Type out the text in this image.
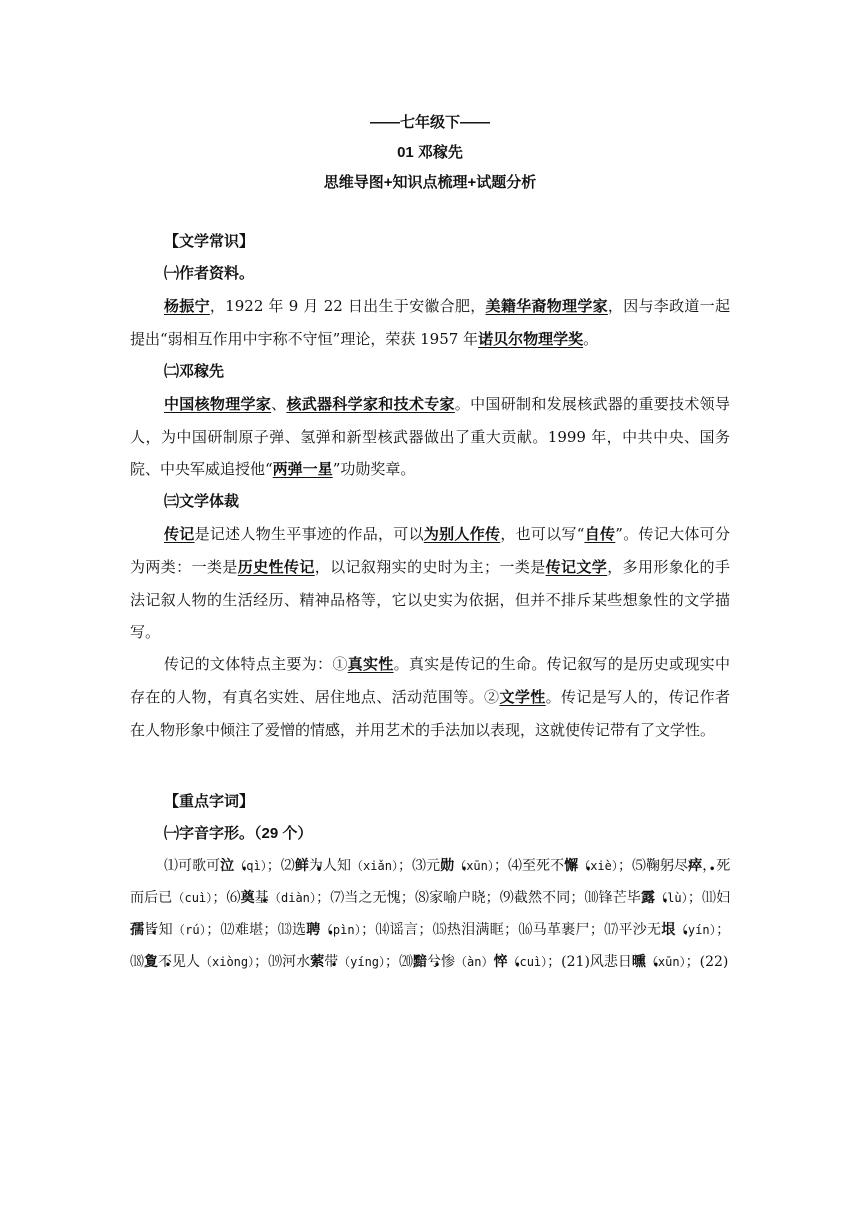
——七年级下——
01 邓稼先
思维导图+知识点梳理+试题分析
【文学常识】
㈠作者资料。
杨振宁，1922 年 9 月 22 日出生于安徽合肥，美籍华裔物理学家，因与李政道一起提出“弱相互作用中宇称不守恒”理论，荣获 1957 年诺贝尔物理学奖。
㈡邓稼先
中国核物理学家、核武器科学家和技术专家。中国研制和发展核武器的重要技术领导人，为中国研制原子弹、氢弹和新型核武器做出了重大贡献。1999 年，中共中央、国务院、中央军威追授他“两弹一星”功勋奖章。
㈢文学体裁
传记是记述人物生平事迹的作品，可以为别人作传，也可以写“自传”。传记大体可分为两类：一类是历史性传记，以记叙翔实的史时为主；一类是传记文学，多用形象化的手法记叙人物的生活经历、精神品格等，它以史实为依据，但并不排斥某些想象性的文学描写。
传记的文体特点主要为：①真实性。真实是传记的生命。传记叙写的是历史或现实中存在的人物，有真名实姓、居住地点、活动范围等。②文学性。传记是写人的，传记作者在人物形象中倾注了爱憎的情感，并用艺术的手法加以表现，这就使传记带有了文学性。
【重点字词】
㈠字音字形。（29 个）
⑴可歌可泣（qì）；⑵鲜为人知（xiǎn）；⑶元勋（xūn）；⑷至死不懈（xiè）；⑸鞠躬尽瘁，死而后已（cuì）；⑹奠基（diàn）；⑺当之无愧；⑻家喻户晓；⑼截然不同；⑽锋芒毕露（lù）；⑾妇孺皆知（rú）；⑿难堪；⒀选聘（pìn）；⒁谣言；⒂热泪满眶；⒃马革裹尸；⒄平沙无垠（yín）；⒅夐不见人（xiòng）；⒆河水萦带（yíng）；⒇黯兮惨（àn）悴（cuì）；(21)风悲日曛（xūn）；(22)
